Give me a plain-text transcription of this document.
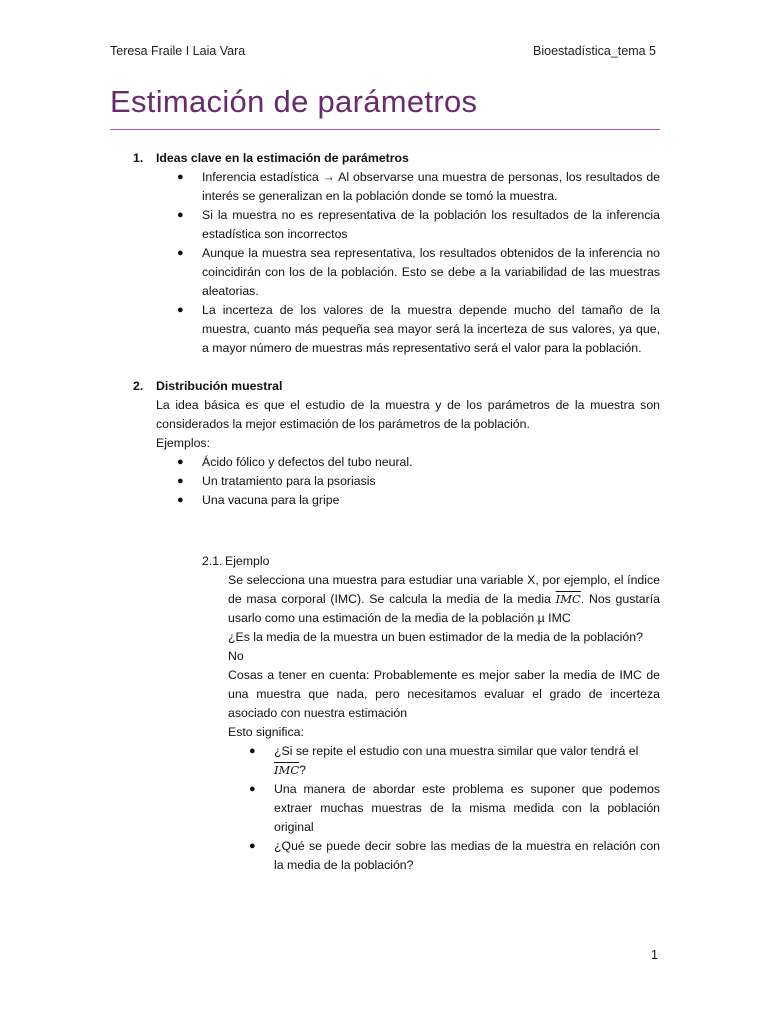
Teresa Fraile I Laia Vara	Bioestadística_tema 5
Estimación de parámetros
1. Ideas clave en la estimación de parámetros
● Inferencia estadística → Al observarse una muestra de personas, los resultados de interés se generalizan en la población donde se tomó la muestra.
● Si la muestra no es representativa de la población los resultados de la inferencia estadística son incorrectos
● Aunque la muestra sea representativa, los resultados obtenidos de la inferencia no coincidirán con los de la población. Esto se debe a la variabilidad de las muestras aleatorias.
● La incerteza de los valores de la muestra depende mucho del tamaño de la muestra, cuanto más pequeña sea mayor será la incerteza de sus valores, ya que, a mayor número de muestras más representativo será el valor para la población.
2. Distribución muestral
La idea básica es que el estudio de la muestra y de los parámetros de la muestra son considerados la mejor estimación de los parámetros de la población.
Ejemplos:
● Ácido fólico y defectos del tubo neural.
● Un tratamiento para la psoriasis
● Una vacuna para la gripe
2.1. Ejemplo
Se selecciona una muestra para estudiar una variable X, por ejemplo, el índice de masa corporal (IMC). Se calcula la media de la media $\overline{IMC}$. Nos gustaría usarlo como una estimación de la media de la población µ IMC
¿Es la media de la muestra un buen estimador de la media de la población?
No
Cosas a tener en cuenta: Probablemente es mejor saber la media de IMC de una muestra que nada, pero necesitamos evaluar el grado de incerteza asociado con nuestra estimación
Esto significa:
● ¿Si se repite el estudio con una muestra similar que valor tendrá el
$\overline{IMC}$?
● Una manera de abordar este problema es suponer que podemos extraer muchas muestras de la misma medida con la población original
● ¿Qué se puede decir sobre las medias de la muestra en relación con la media de la población?
1
